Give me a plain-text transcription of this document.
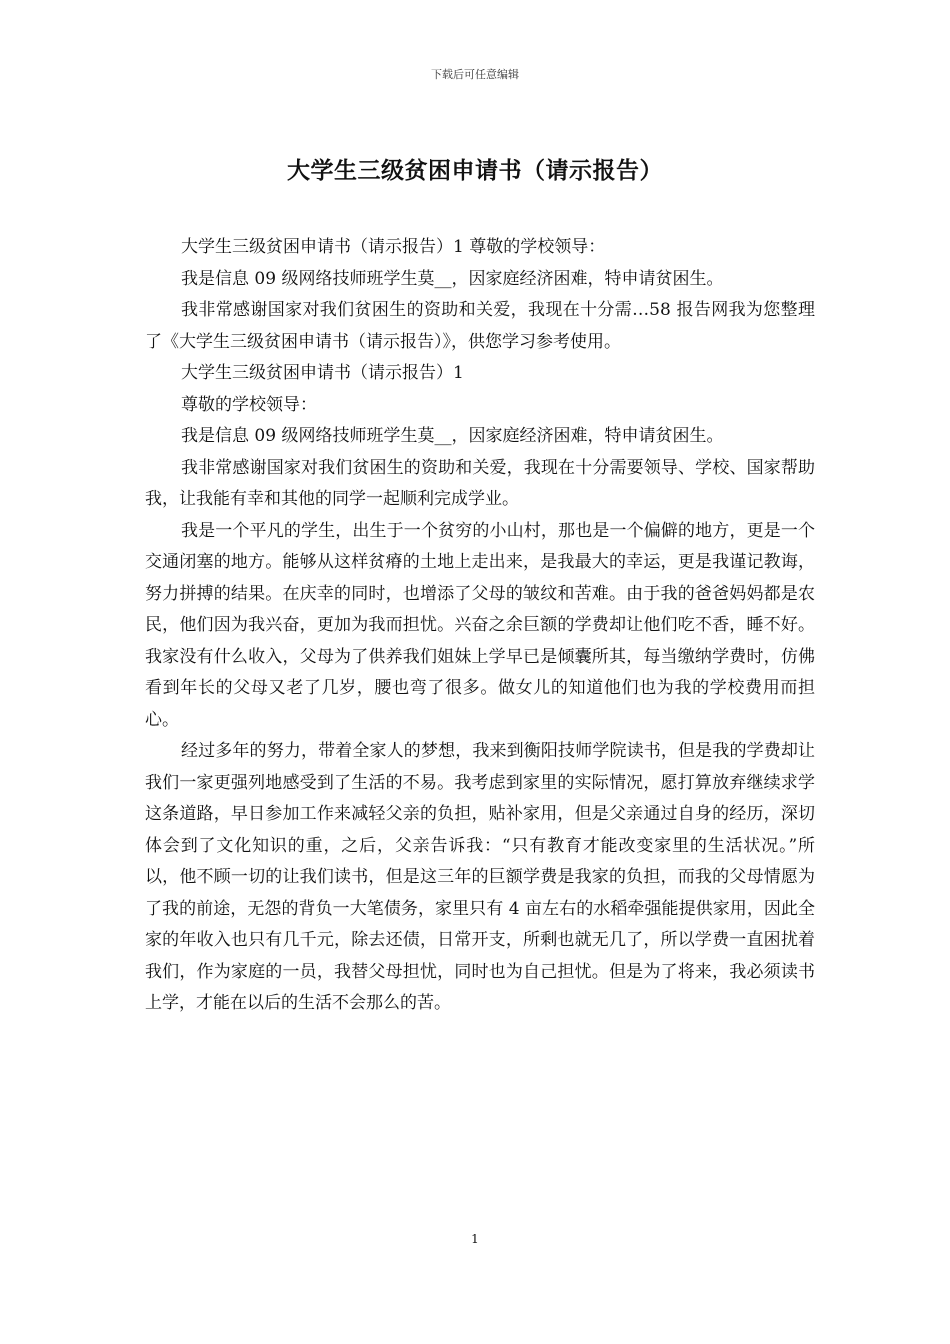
下载后可任意编辑
大学生三级贫困申请书（请示报告）

大学生三级贫困申请书（请示报告）1 尊敬的学校领导：

我是信息 09 级网络技师班学生莫__，因家庭经济困难，特申请贫困生。

我非常感谢国家对我们贫困生的资助和关爱，我现在十分需…58 报告网我为您整理了《大学生三级贫困申请书（请示报告）》，供您学习参考使用。

大学生三级贫困申请书（请示报告）1

尊敬的学校领导：

我是信息 09 级网络技师班学生莫__，因家庭经济困难，特申请贫困生。

我非常感谢国家对我们贫困生的资助和关爱，我现在十分需要领导、学校、国家帮助我，让我能有幸和其他的同学一起顺利完成学业。

我是一个平凡的学生，出生于一个贫穷的小山村，那也是一个偏僻的地方，更是一个交通闭塞的地方。能够从这样贫瘠的土地上走出来，是我最大的幸运，更是我谨记教诲，努力拼搏的结果。在庆幸的同时，也增添了父母的皱纹和苦难。由于我的爸爸妈妈都是农民，他们因为我兴奋，更加为我而担忧。兴奋之余巨额的学费却让他们吃不香，睡不好。我家没有什么收入，父母为了供养我们姐妹上学早已是倾囊所其，每当缴纳学费时，仿佛看到年长的父母又老了几岁，腰也弯了很多。做女儿的知道他们也为我的学校费用而担心。

经过多年的努力，带着全家人的梦想，我来到衡阳技师学院读书，但是我的学费却让我们一家更强列地感受到了生活的不易。我考虑到家里的实际情况，愿打算放弃继续求学这条道路，早日参加工作来减轻父亲的负担，贴补家用，但是父亲通过自身的经历，深切体会到了文化知识的重，之后，父亲告诉我：“只有教育才能改变家里的生活状况。”所以，他不顾一切的让我们读书，但是这三年的巨额学费是我家的负担，而我的父母情愿为了我的前途，无怨的背负一大笔债务，家里只有 4 亩左右的水稻牵强能提供家用，因此全家的年收入也只有几千元，除去还债，日常开支，所剩也就无几了，所以学费一直困扰着我们，作为家庭的一员，我替父母担忧，同时也为自己担忧。但是为了将来，我必须读书上学，才能在以后的生活不会那么的苦。

1
